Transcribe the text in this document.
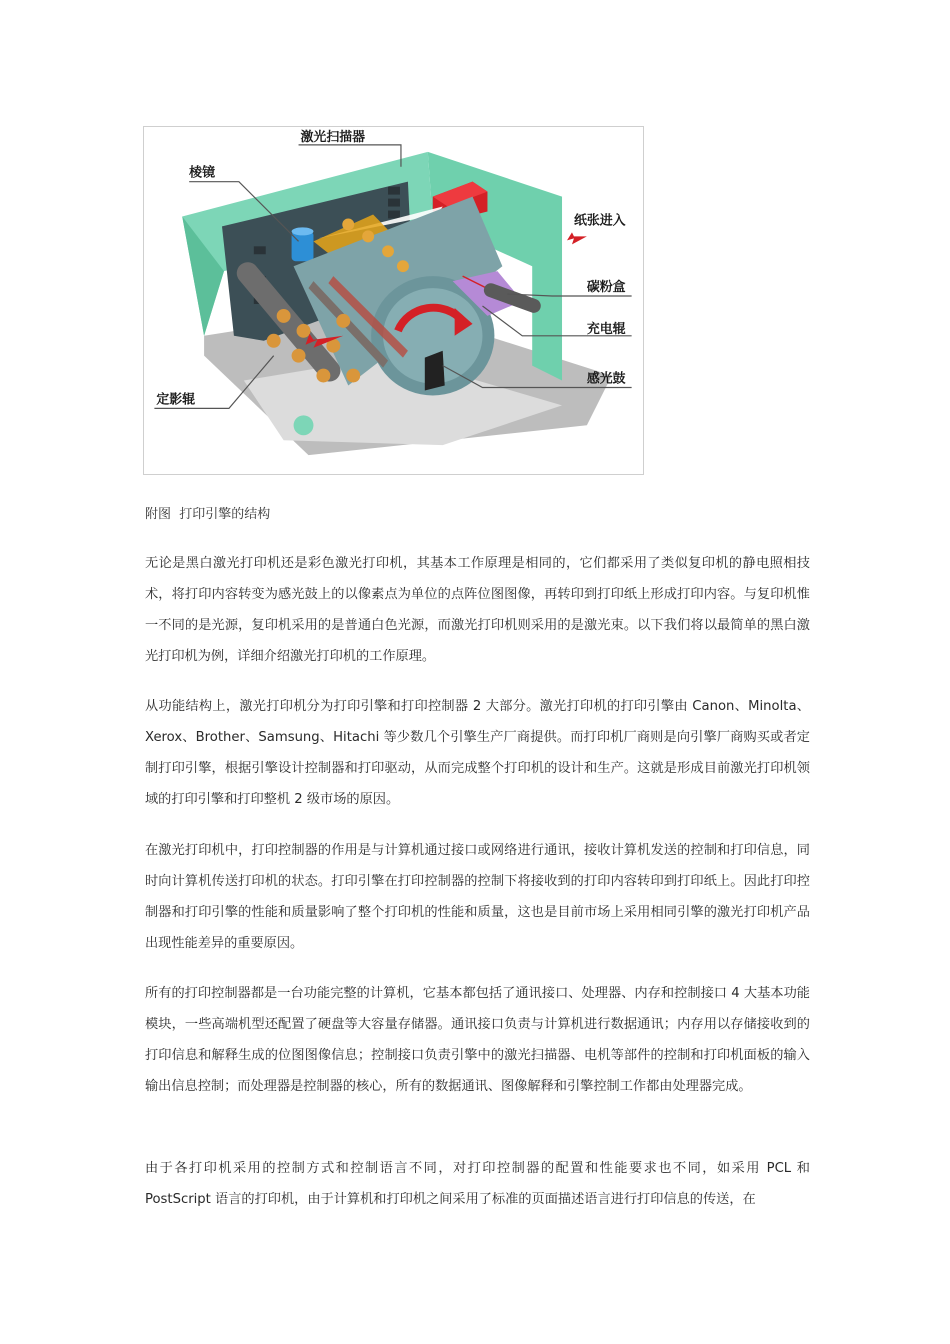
激光扫描器
棱镜
纸张进入
碳粉盒
充电辊
感光鼓
定影辊
附图  打印引擎的结构

无论是黑白激光打印机还是彩色激光打印机，其基本工作原理是相同的，它们都采用了类似复印机的静电照相技术，将打印内容转变为感光鼓上的以像素点为单位的点阵位图图像，再转印到打印纸上形成打印内容。与复印机惟一不同的是光源，复印机采用的是普通白色光源，而激光打印机则采用的是激光束。以下我们将以最简单的黑白激光打印机为例，详细介绍激光打印机的工作原理。

从功能结构上，激光打印机分为打印引擎和打印控制器 2 大部分。激光打印机的打印引擎由 Canon、Minolta、Xerox、Brother、Samsung、Hitachi 等少数几个引擎生产厂商提供。而打印机厂商则是向引擎厂商购买或者定制打印引擎，根据引擎设计控制器和打印驱动，从而完成整个打印机的设计和生产。这就是形成目前激光打印机领域的打印引擎和打印整机 2 级市场的原因。

在激光打印机中，打印控制器的作用是与计算机通过接口或网络进行通讯，接收计算机发送的控制和打印信息，同时向计算机传送打印机的状态。打印引擎在打印控制器的控制下将接收到的打印内容转印到打印纸上。因此打印控制器和打印引擎的性能和质量影响了整个打印机的性能和质量，这也是目前市场上采用相同引擎的激光打印机产品出现性能差异的重要原因。

所有的打印控制器都是一台功能完整的计算机，它基本都包括了通讯接口、处理器、内存和控制接口 4 大基本功能模块，一些高端机型还配置了硬盘等大容量存储器。通讯接口负责与计算机进行数据通讯；内存用以存储接收到的打印信息和解释生成的位图图像信息；控制接口负责引擎中的激光扫描器、电机等部件的控制和打印机面板的输入输出信息控制；而处理器是控制器的核心，所有的数据通讯、图像解释和引擎控制工作都由处理器完成。

由于各打印机采用的控制方式和控制语言不同，对打印控制器的配置和性能要求也不同，如采用 PCL 和 PostScript 语言的打印机，由于计算机和打印机之间采用了标准的页面描述语言进行打印信息的传送，在
